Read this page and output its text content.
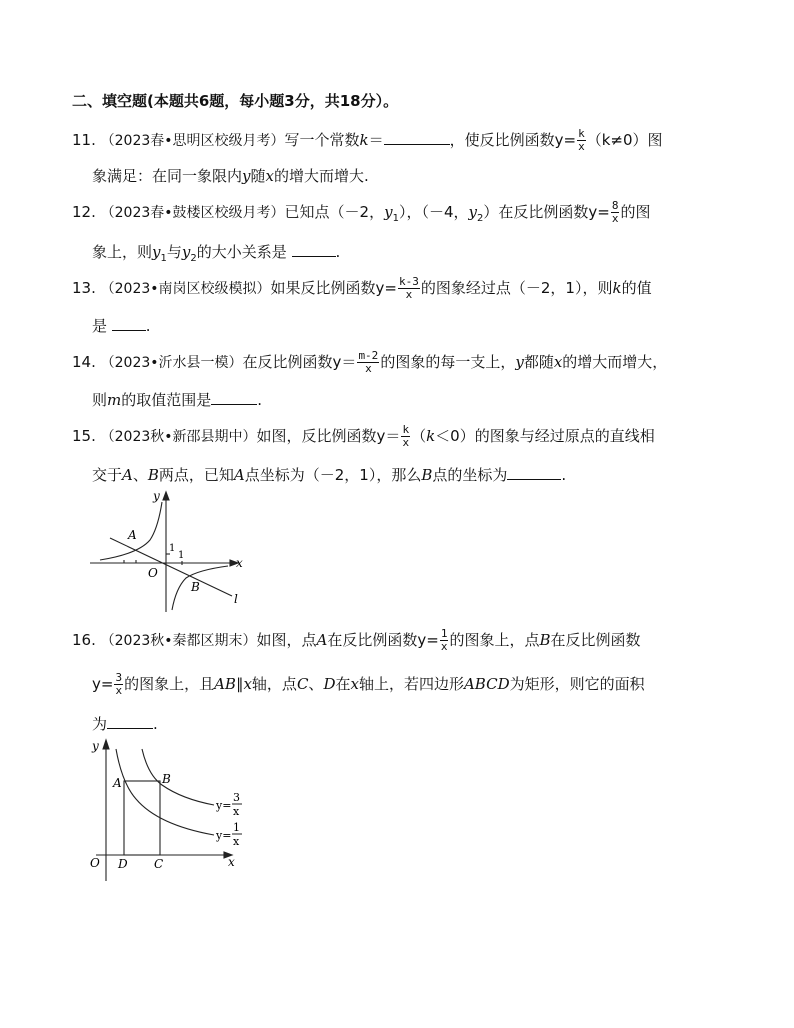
二、填空题(本题共6题，每小题3分，共18分）。
11. （2023春•思明区校级月考）写一个常数k＝	，使反比例函数$y= \frac{k}{x} (k\ne 0)$图
象满足：在同一象限内y随x的增大而增大.
12. （2023春•鼓楼区校级月考）已知点（－2，$y_1$），（－4，$y_2$）在反比例函数$y= \frac{8}{x}$ 的图
象上，则$y_1$与$y_2$的大小关系是	.
13. （2023•南岗区校级模拟）如果反比例函数$y= \frac{k-3}{x}$ 的图象经过点（－2，1），则k的值
是 .
14. （2023•沂水县一模）在反比例函数$y= \frac{m-2}{x}$ 的图象的每一支上，y都随x的增大而增大，
则m的取值范围是	.
15. （2023秋•新邵县期中）如图，反比例函数$y= \frac{k}{x} (k<0)$的图象与经过原点的直线相
交于A、B两点，已知A点坐标为（－2，1），那么B点的坐标为	.
y
x
O
A
B
l
1
1
16. （2023秋•秦都区期末）如图，点A在反比例函数$y= \frac{1}{x}$ 的图象上，点B在反比例函数
$y= \frac{3}{x}$ 的图象上，且AB∥x轴，点C、D在x轴上，若四边形ABCD为矩形，则它的面积
为	.
y
x
O
A	B
D C
y=
3
x
y=
1
x
